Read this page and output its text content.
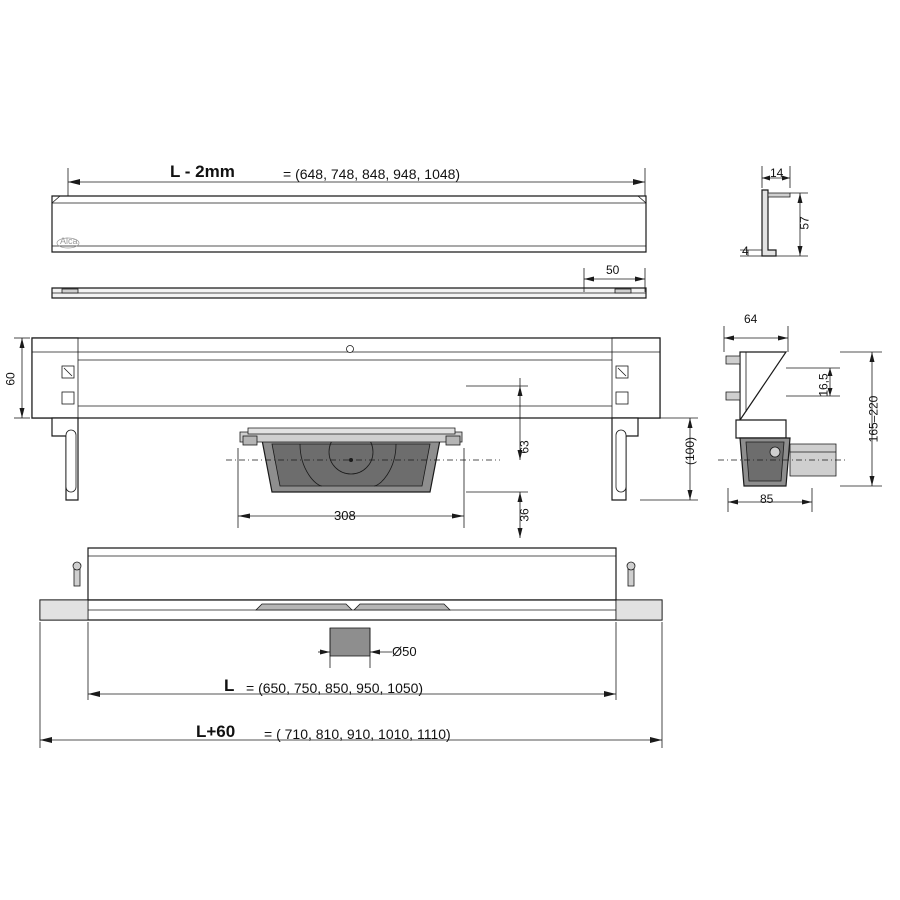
L - 2mm	= (648, 748, 848, 948, 1048)
50
14
57
4
60
308
63
36
(100)
64
16,5
165–220
85
Ø50
L = (650, 750, 850, 950, 1050)
L+60 = ( 710, 810, 910, 1010, 1110)
Alca
